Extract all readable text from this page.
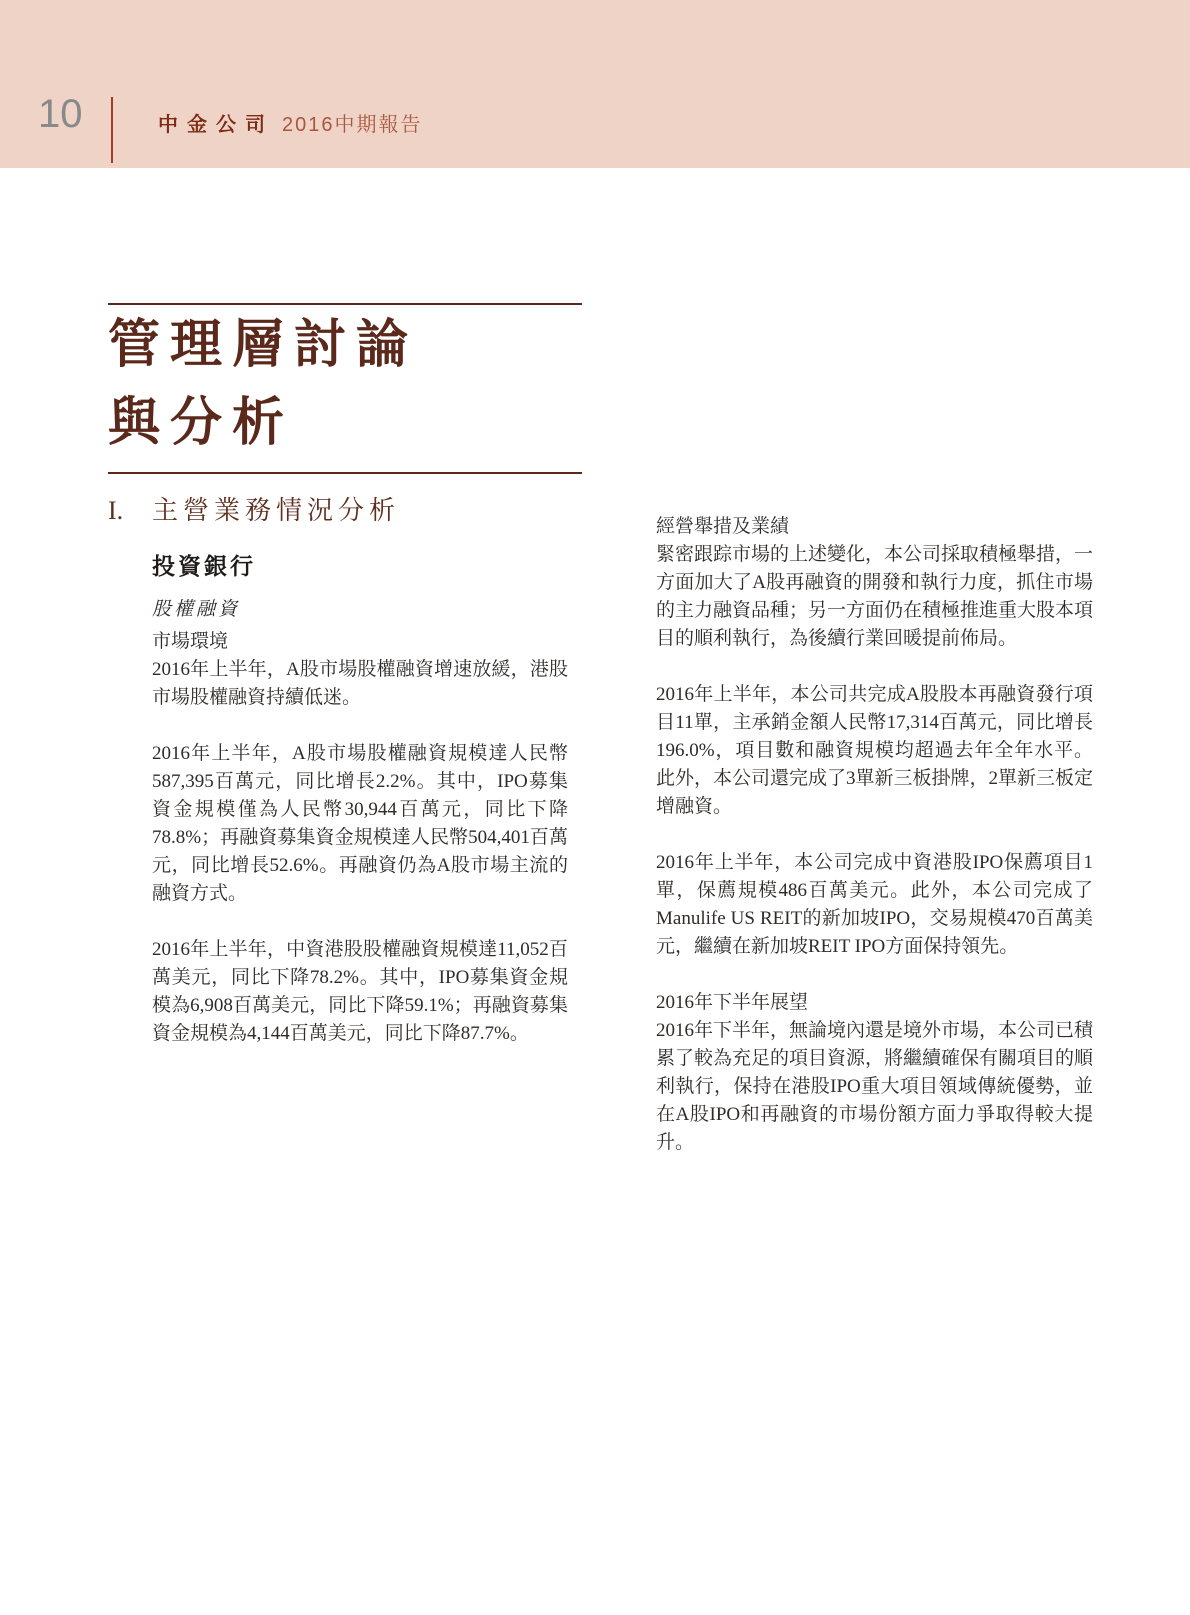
10	中金公司 2016中期報告
管理層討論
與分析
I. 主營業務情況分析
投資銀行
股權融資
市場環境

2016年上半年，A股市場股權融資增速放緩，港股市場股權融資持續低迷。

2016年上半年，A股市場股權融資規模達人民幣587,395百萬元，同比增長2.2%。其中，IPO募集資金規模僅為人民幣30,944百萬元，同比下降78.8%；再融資募集資金規模達人民幣504,401百萬元，同比增長52.6%。再融資仍為A股市場主流的融資方式。

2016年上半年，中資港股股權融資規模達11,052百萬美元，同比下降78.2%。其中，IPO募集資金規模為6,908百萬美元，同比下降59.1%；再融資募集資金規模為4,144百萬美元，同比下降87.7%。

經營舉措及業績

緊密跟踪市場的上述變化，本公司採取積極舉措，一方面加大了A股再融資的開發和執行力度，抓住市場的主力融資品種；另一方面仍在積極推進重大股本項目的順利執行，為後續行業回暖提前佈局。

2016年上半年，本公司共完成A股股本再融資發行項目11單，主承銷金額人民幣17,314百萬元，同比增長196.0%，項目數和融資規模均超過去年全年水平。此外，本公司還完成了3單新三板掛牌，2單新三板定增融資。

2016年上半年，本公司完成中資港股IPO保薦項目1單，保薦規模486百萬美元。此外，本公司完成了Manulife US REIT的新加坡IPO，交易規模470百萬美元，繼續在新加坡REIT IPO方面保持領先。

2016年下半年展望

2016年下半年，無論境內還是境外市場，本公司已積累了較為充足的項目資源，將繼續確保有關項目的順利執行，保持在港股IPO重大項目領域傳統優勢，並在A股IPO和再融資的市場份額方面力爭取得較大提升。
